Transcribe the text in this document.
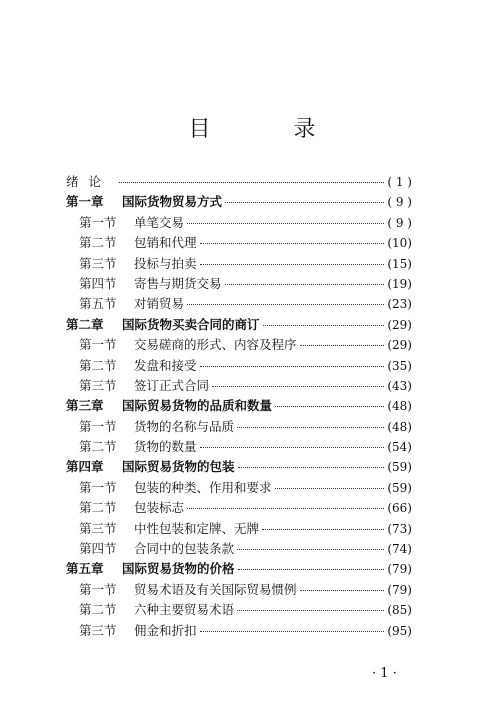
目 录
绪论	( 1 )
第一章	国际货物贸易方式	( 9 )
第一节	单笔交易	( 9 )
第二节	包销和代理	(10)
第三节	投标与拍卖	(15)
第四节	寄售与期货交易	(19)
第五节	对销贸易	(23)
第二章	国际货物买卖合同的商订	(29)
第一节	交易磋商的形式、内容及程序	(29)
第二节	发盘和接受	(35)
第三节	签订正式合同	(43)
第三章	国际贸易货物的品质和数量	(48)
第一节	货物的名称与品质	(48)
第二节	货物的数量	(54)
第四章	国际贸易货物的包装	(59)
第一节	包装的种类、作用和要求	(59)
第二节	包装标志	(66)
第三节	中性包装和定牌、无牌	(73)
第四节	合同中的包装条款	(74)
第五章	国际贸易货物的价格	(79)
第一节	贸易术语及有关国际贸易惯例	(79)
第二节	六种主要贸易术语	(85)
第三节	佣金和折扣	(95)
· 1 ·
